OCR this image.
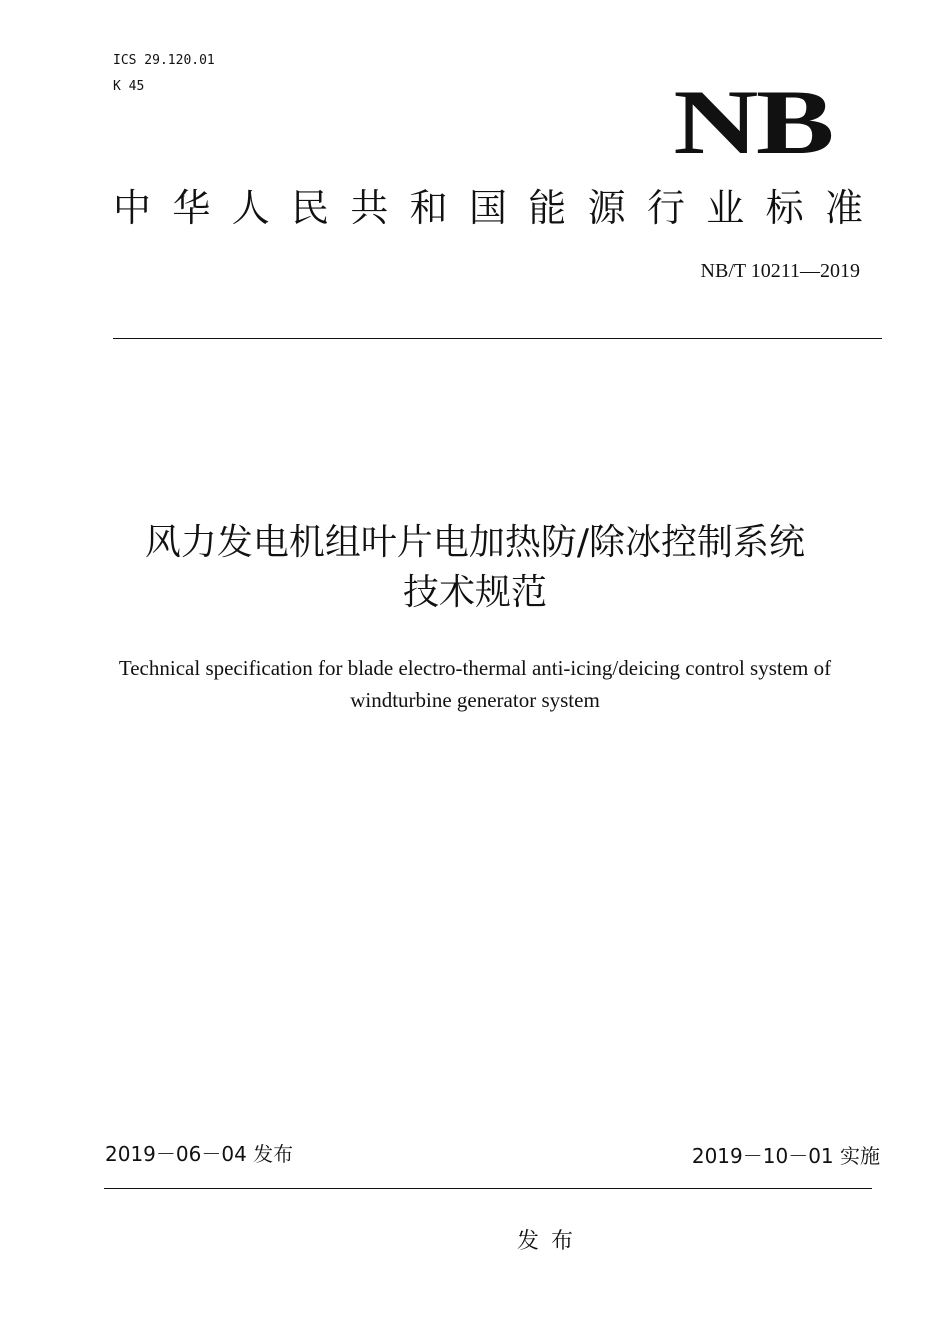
ICS 29.120.01
K 45	NB
中 华 人 民 共 和 国 能 源 行 业 标 准
NB/T 10211—2019
风力发电机组叶片电加热防/除冰控制系统
技术规范
Technical specification for blade electro-thermal anti-icing/deicing control system of
windturbine generator system
2019－06－04 发布	2019－10－01 实施
发布
